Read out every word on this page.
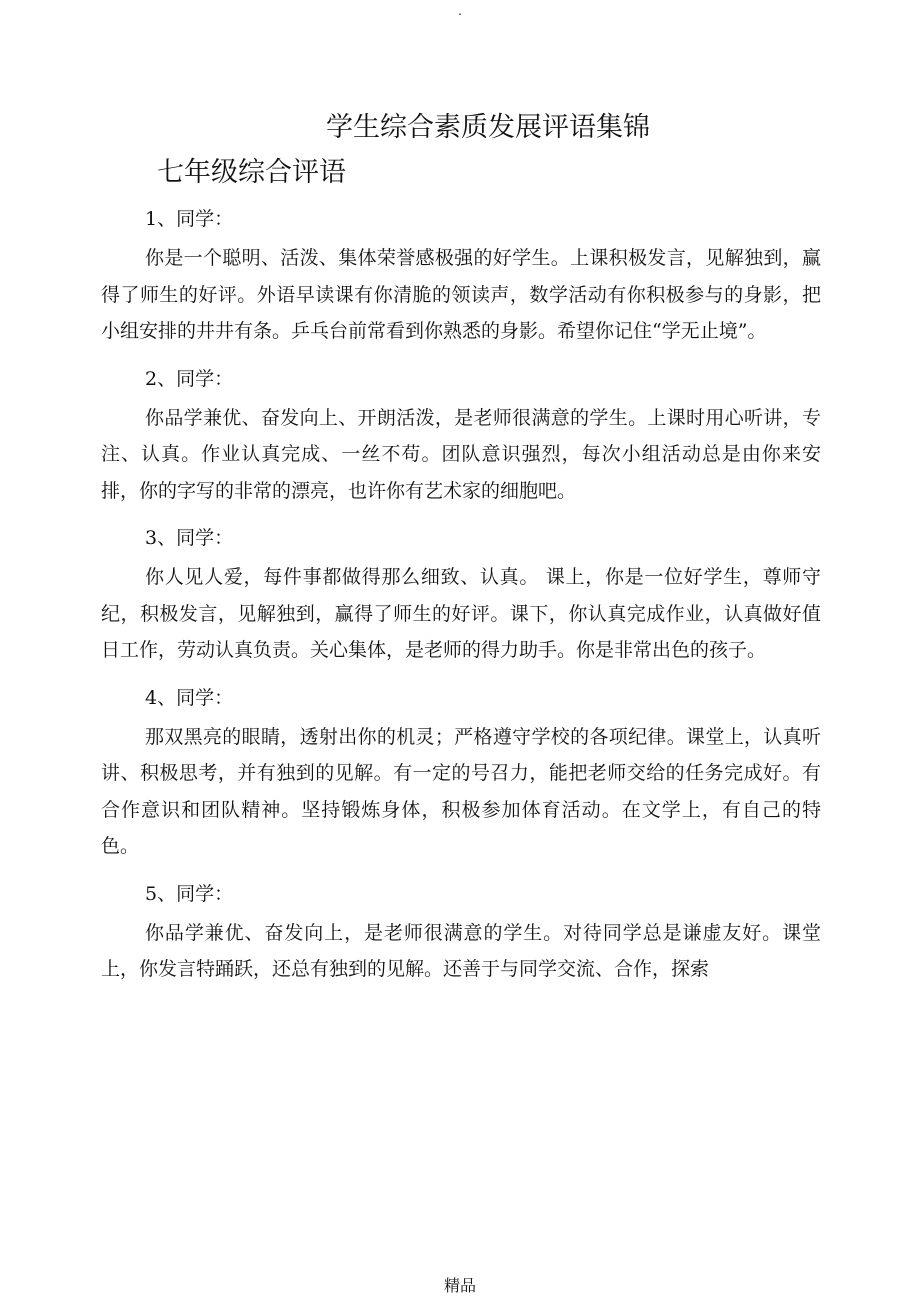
.
学生综合素质发展评语集锦
七年级综合评语

1、同学：

你是一个聪明、活泼、集体荣誉感极强的好学生。上课积极发言，见解独到，赢得了师生的好评。外语早读课有你清脆的领读声，数学活动有你积极参与的身影，把小组安排的井井有条。乒乓台前常看到你熟悉的身影。希望你记住“学无止境”。

2、同学：

你品学兼优、奋发向上、开朗活泼，是老师很满意的学生。上课时用心听讲，专注、认真。作业认真完成、一丝不苟。团队意识强烈，每次小组活动总是由你来安排，你的字写的非常的漂亮，也许你有艺术家的细胞吧。

3、同学：

你人见人爱，每件事都做得那么细致、认真。 课上，你是一位好学生，尊师守纪，积极发言，见解独到，赢得了师生的好评。课下，你认真完成作业，认真做好值日工作，劳动认真负责。关心集体，是老师的得力助手。你是非常出色的孩子。

4、同学：

那双黑亮的眼睛，透射出你的机灵；严格遵守学校的各项纪律。课堂上，认真听讲、积极思考，并有独到的见解。有一定的号召力，能把老师交给的任务完成好。有合作意识和团队精神。坚持锻炼身体，积极参加体育活动。在文学上，有自己的特色。

5、同学：

你品学兼优、奋发向上，是老师很满意的学生。对待同学总是谦虚友好。课堂上，你发言特踊跃，还总有独到的见解。还善于与同学交流、合作，探索

精品
